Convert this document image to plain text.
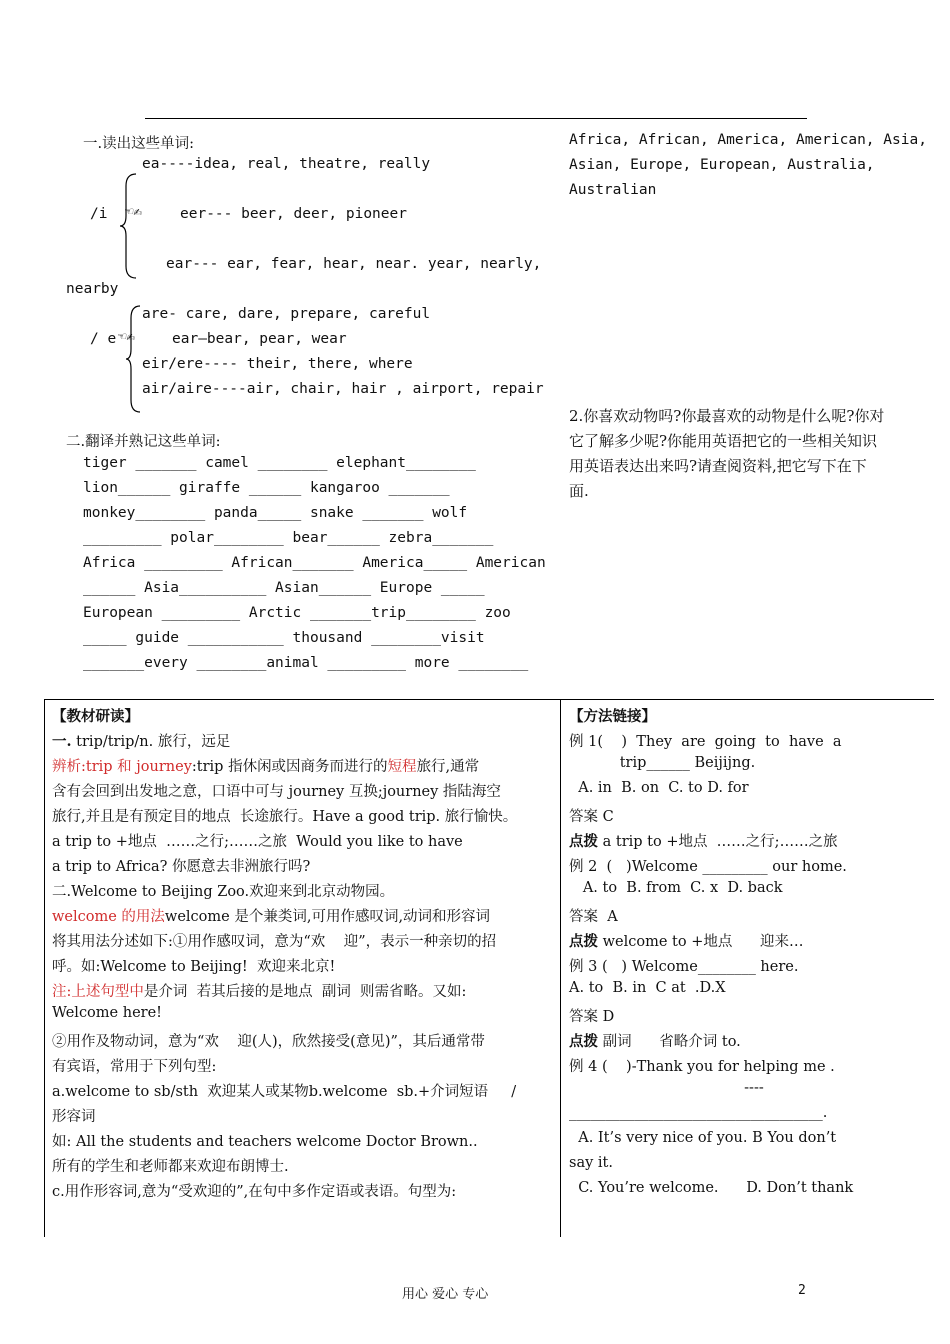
一.读出这些单词:
ea----idea, real, theatre, really
/i ☜✍	eer--- beer, deer, pioneer
ear--- ear, fear, hear, near. year, nearly,
nearby
are- care, dare, prepare, careful
/ e ☜✍	ear—bear, pear, wear
eir/ere---- their, there, where
air/aire----air, chair, hair , airport, repair
二.翻译并熟记这些单词:
tiger _______ camel ________ elephant________
lion______ giraffe ______ kangaroo _______
monkey________ panda_____ snake _______ wolf
_________ polar________ bear______ zebra_______
Africa _________ African_______ America_____ American
______ Asia__________ Asian______ Europe _____
European _________ Arctic _______trip________ zoo
_____ guide ___________ thousand ________visit
_______every ________animal _________ more ________
Africa, African, America, American, Asia,
Asian, Europe, European, Australia,
Australian
2.你喜欢动物吗?你最喜欢的动物是什么呢?你对
它了解多少呢?你能用英语把它的一些相关知识
用英语表达出来吗?请查阅资料,把它写下在下
面.
【教材研读】
一. trip/trip/n. 旅行，远足
辨析:trip 和 journey:trip 指休闲或因商务而进行的短程旅行,通常
含有会回到出发地之意，口语中可与 journey 互换;journey 指陆海空
旅行,并且是有预定目的地点  长途旅行。Have a good trip. 旅行愉快。
a trip to +地点  ……之行;……之旅  Would you like to have
a trip to Africa? 你愿意去非洲旅行吗?
二.Welcome to Beijing Zoo.欢迎来到北京动物园。
welcome 的用法welcome 是个兼类词,可用作感叹词,动词和形容词
将其用法分述如下:①用作感叹词，意为“欢    迎”，表示一种亲切的招
呼。如:Welcome to Beijing!  欢迎来北京!
注:上述句型中是介词  若其后接的是地点  副词  则需省略。又如:
Welcome here!
②用作及物动词，意为“欢    迎(人)，欣然接受(意见)”，其后通常带
有宾语，常用于下列句型:
a.welcome to sb/sth  欢迎某人或某物b.welcome  sb.+介词短语     /
形容词
如: All the students and teachers welcome Doctor Brown..
所有的学生和老师都来欢迎布朗博士.
c.用作形容词,意为“受欢迎的”,在句中多作定语或表语。句型为:
【方法链接】
例 1(    )  They  are  going  to  have  a
trip______ Beijijng.
A. in  B. on  C. to D. for
答案 C
点拨 a trip to +地点  ……之行;……之旅
例 2  (   )Welcome _________ our home.
A. to  B. from  C. x  D. back
答案  A
点拨 welcome to +地点      迎来…
例 3 (   ) Welcome________ here.
A. to  B. in  C at  .D.X
答案 D
点拨 副词      省略介词 to.
例 4 (    )-Thank you for helping me .
----
___________________________________.
A. It’s very nice of you. B You don’t
say it.
C. You’re welcome.      D. Don’t thank
用心 爱心 专心	2
